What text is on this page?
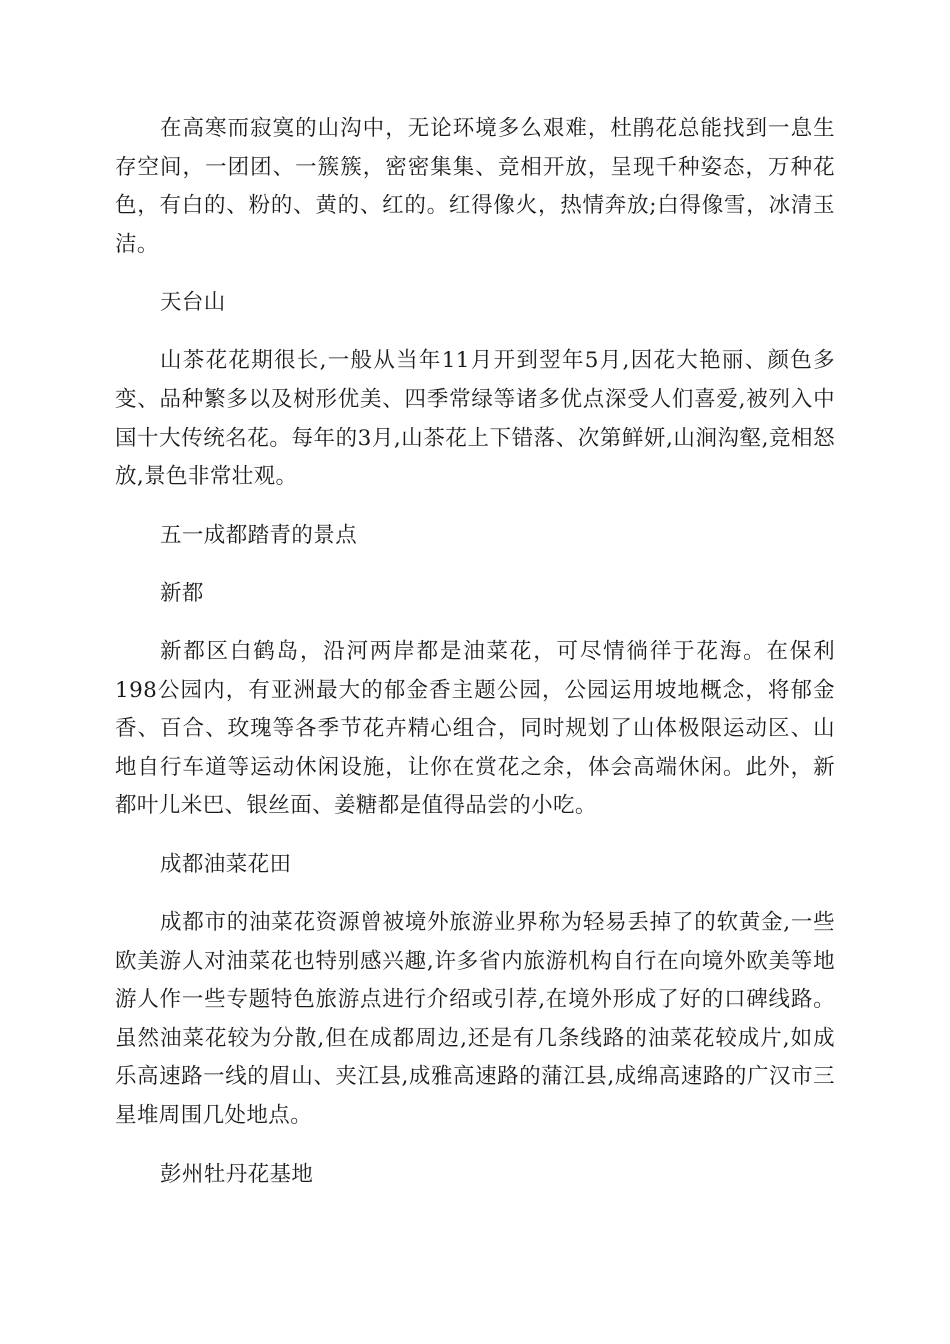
在高寒而寂寞的山沟中，无论环境多么艰难，杜鹃花总能找到一息生存空间，一团团、一簇簇，密密集集、竞相开放，呈现千种姿态，万种花色，有白的、粉的、黄的、红的。红得像火，热情奔放;白得像雪，冰清玉洁。

天台山

山茶花花期很长,一般从当年11月开到翌年5月,因花大艳丽、颜色多变、品种繁多以及树形优美、四季常绿等诸多优点深受人们喜爱,被列入中国十大传统名花。每年的3月,山茶花上下错落、次第鲜妍,山涧沟壑,竞相怒放,景色非常壮观。

五一成都踏青的景点

新都

新都区白鹤岛，沿河两岸都是油菜花，可尽情徜徉于花海。在保利198公园内，有亚洲最大的郁金香主题公园，公园运用坡地概念，将郁金香、百合、玫瑰等各季节花卉精心组合，同时规划了山体极限运动区、山地自行车道等运动休闲设施，让你在赏花之余，体会高端休闲。此外，新都叶儿米巴、银丝面、姜糖都是值得品尝的小吃。

成都油菜花田

成都市的油菜花资源曾被境外旅游业界称为轻易丢掉了的软黄金,一些欧美游人对油菜花也特别感兴趣,许多省内旅游机构自行在向境外欧美等地游人作一些专题特色旅游点进行介绍或引荐,在境外形成了好的口碑线路。虽然油菜花较为分散,但在成都周边,还是有几条线路的油菜花较成片,如成乐高速路一线的眉山、夹江县,成雅高速路的蒲江县,成绵高速路的广汉市三星堆周围几处地点。

彭州牡丹花基地
